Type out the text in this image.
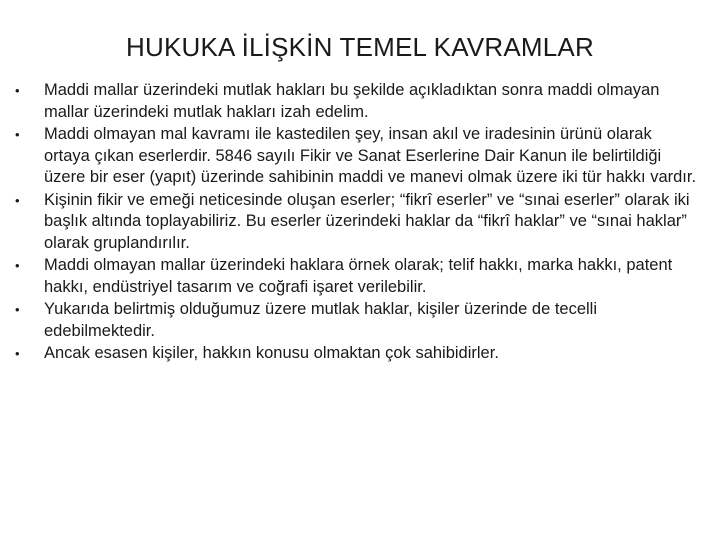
HUKUKA İLİŞKİN TEMEL KAVRAMLAR
• Maddi mallar üzerindeki mutlak hakları bu şekilde açıkladıktan sonra maddi olmayan mallar üzerindeki mutlak hakları izah edelim.
• Maddi olmayan mal kavramı ile kastedilen şey, insan akıl ve iradesinin ürünü olarak ortaya çıkan eserlerdir. 5846 sayılı Fikir ve Sanat Eserlerine Dair Kanun ile belirtildiği üzere bir eser (yapıt) üzerinde sahibinin maddi ve manevi olmak üzere iki tür hakkı vardır.
• Kişinin fikir ve emeği neticesinde oluşan eserler; “fikrî eserler” ve “sınai eserler” olarak iki başlık altında toplayabiliriz. Bu eserler üzerindeki haklar da “fikrî haklar” ve “sınai haklar” olarak gruplandırılır.
• Maddi olmayan mallar üzerindeki haklara örnek olarak; telif hakkı, marka hakkı, patent hakkı, endüstriyel tasarım ve coğrafi işaret verilebilir.
• Yukarıda belirtmiş olduğumuz üzere mutlak haklar, kişiler üzerinde de tecelli edebilmektedir.
• Ancak esasen kişiler, hakkın konusu olmaktan çok sahibidirler.
